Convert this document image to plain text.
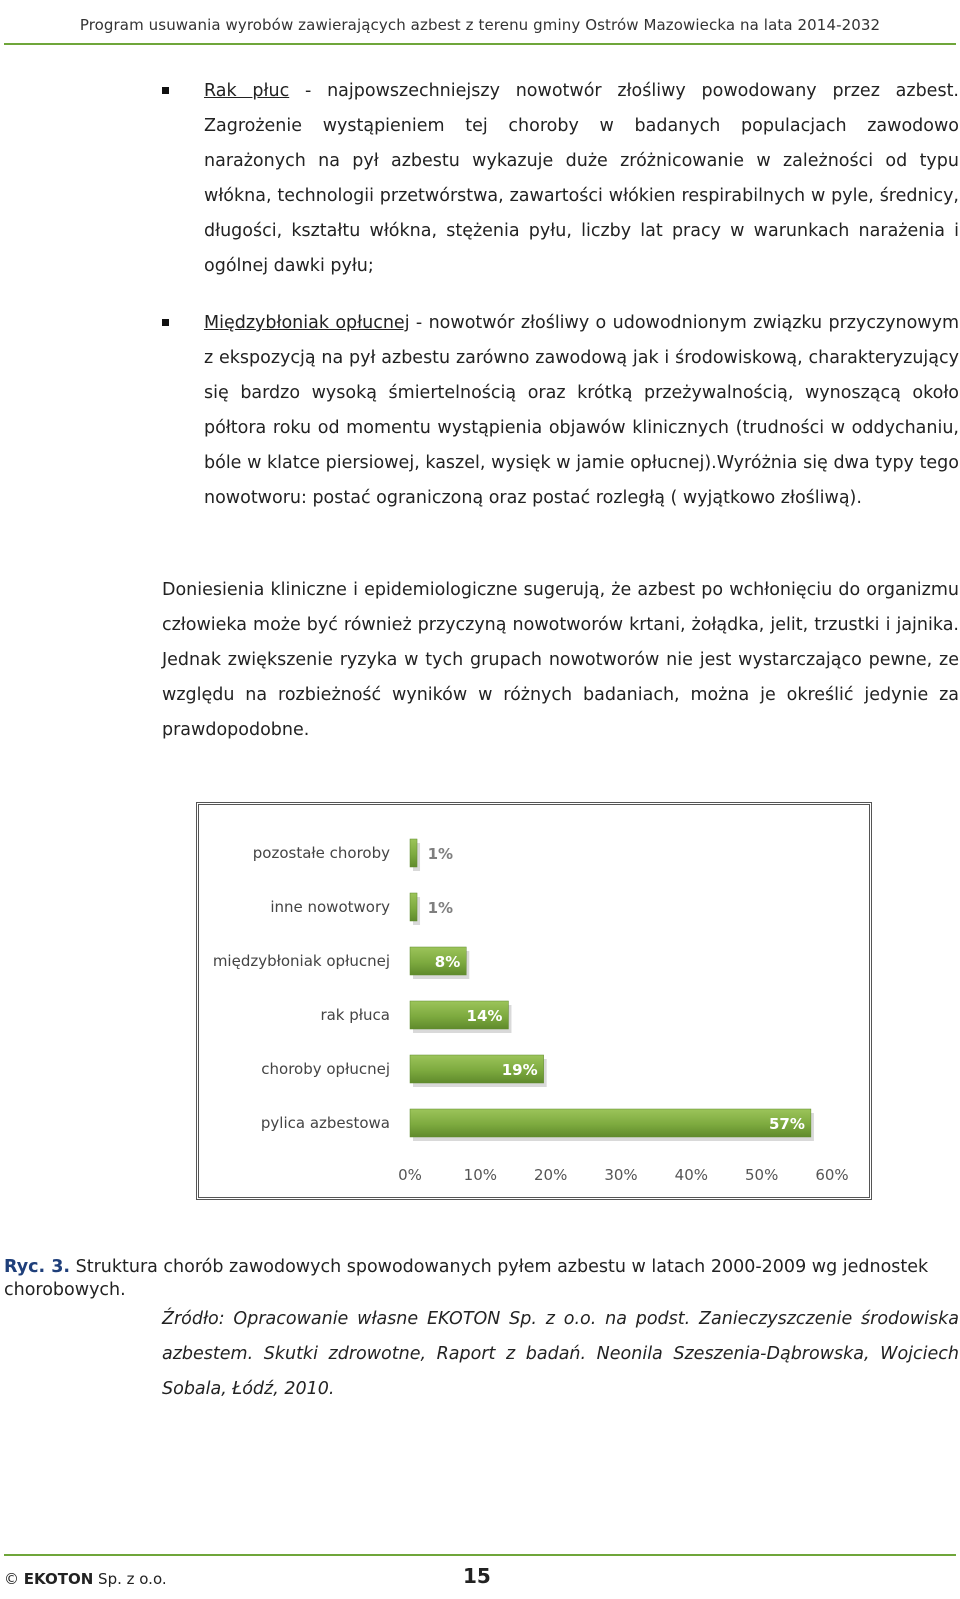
Program usuwania wyrobów zawierających azbest z terenu gminy Ostrów Mazowiecka na lata 2014-2032
Rak płuc - najpowszechniejszy nowotwór złośliwy powodowany przez azbest. Zagrożenie wystąpieniem tej choroby w badanych populacjach zawodowo narażonych na pył azbestu wykazuje duże zróżnicowanie w zależności od typu włókna, technologii przetwórstwa, zawartości włókien respirabilnych w pyle, średnicy, długości, kształtu włókna, stężenia pyłu, liczby lat pracy w warunkach narażenia i ogólnej dawki pyłu;
Międzybłoniak opłucnej - nowotwór złośliwy o udowodnionym związku przyczynowym z ekspozycją na pył azbestu zarówno zawodową jak i środowiskową, charakteryzujący się bardzo wysoką śmiertelnością oraz krótką przeżywalnością, wynoszącą około półtora roku od momentu wystąpienia objawów klinicznych (trudności w oddychaniu, bóle w klatce piersiowej, kaszel, wysięk w jamie opłucnej).Wyróżnia się dwa typy tego nowotworu: postać ograniczoną oraz postać rozległą ( wyjątkowo złośliwą).
Doniesienia kliniczne i epidemiologiczne sugerują, że azbest po wchłonięciu do organizmu człowieka może być również przyczyną nowotworów krtani, żołądka, jelit, trzustki i jajnika. Jednak zwiększenie ryzyka w tych grupach nowotworów nie jest wystarczająco pewne, ze względu na rozbieżność wyników w różnych badaniach, można je określić jedynie za prawdopodobne.
pozostałe choroby	1%
inne nowotwory	1%
międzybłoniak opłucnej	8%
rak płuca	14%
choroby opłucnej	19%
pylica azbestowa	57%
0%	10% 20% 30% 40% 50% 60%
Ryc. 3. Struktura chorób zawodowych spowodowanych pyłem azbestu w latach 2000-2009 wg jednostek chorobowych.
Źródło: Opracowanie własne EKOTON Sp. z o.o. na podst. Zanieczyszczenie środowiska azbestem. Skutki zdrowotne, Raport z badań. Neonila Szeszenia-Dąbrowska, Wojciech Sobala, Łódź, 2010.
© EKOTON Sp. z o.o.	15
